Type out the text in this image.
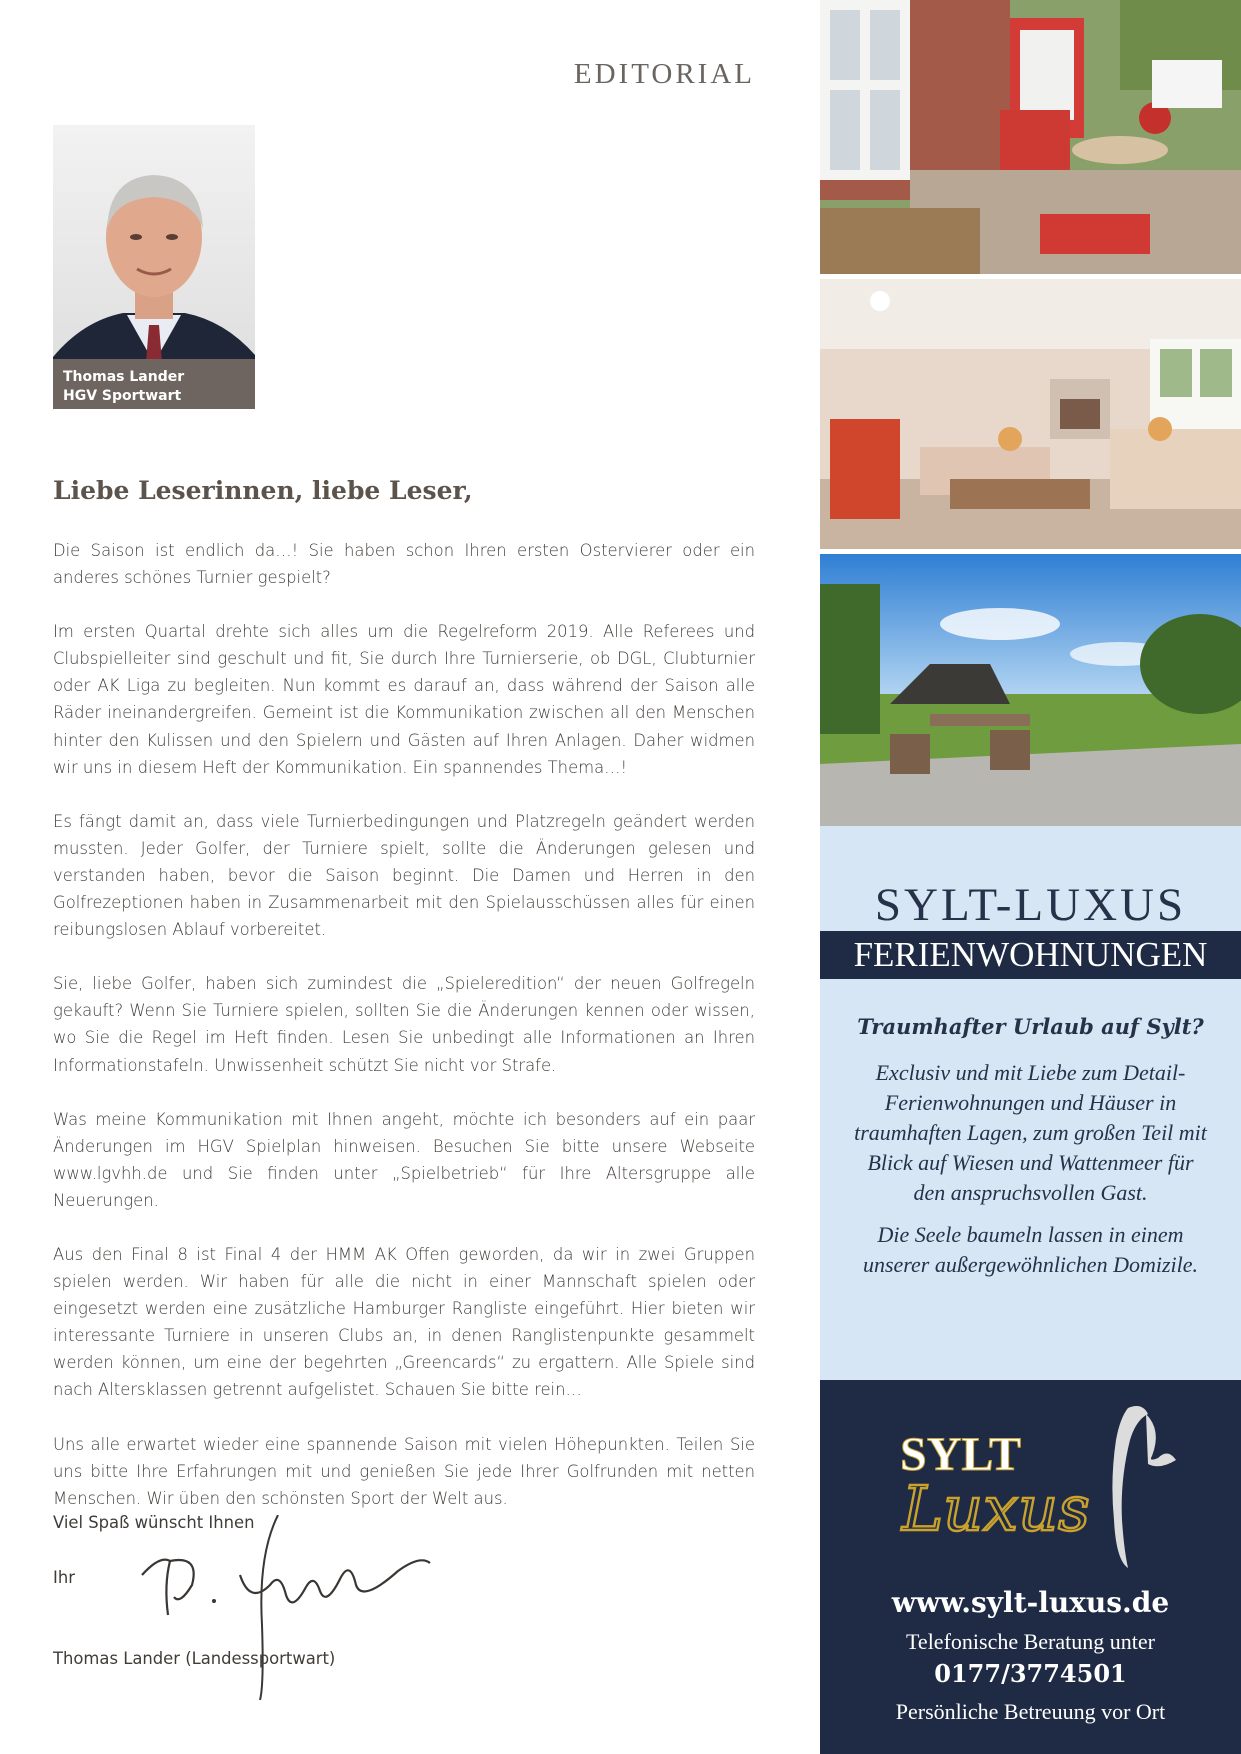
EDITORIAL
Thomas Lander
HGV Sportwart
Liebe Leserinnen, liebe Leser,

Die Saison ist endlich da…! Sie haben schon Ihren ersten Ostervierer oder ein anderes schönes Turnier gespielt?

Im ersten Quartal drehte sich alles um die Regelreform 2019. Alle Referees und Clubspielleiter sind geschult und fit, Sie durch Ihre Turnierserie, ob DGL, Clubturnier oder AK Liga zu begleiten. Nun kommt es darauf an, dass während der Saison alle Räder ineinandergreifen. Gemeint ist die Kommunikation zwischen all den Menschen hinter den Kulissen und den Spielern und Gästen auf Ihren Anlagen. Daher widmen wir uns in diesem Heft der Kommunikation. Ein spannendes Thema…!

Es fängt damit an, dass viele Turnierbedingungen und Platzregeln geändert werden mussten. Jeder Golfer, der Turniere spielt, sollte die Änderungen gelesen und verstanden haben, bevor die Saison beginnt. Die Damen und Herren in den Golfrezeptionen haben in Zusammenarbeit mit den Spielausschüssen alles für einen reibungslosen Ablauf vorbereitet.

Sie, liebe Golfer, haben sich zumindest die „Spieleredition“ der neuen Golfregeln gekauft? Wenn Sie Turniere spielen, sollten Sie die Änderungen kennen oder wissen, wo Sie die Regel im Heft finden. Lesen Sie unbedingt alle Informationen an Ihren Informationstafeln. Unwissenheit schützt Sie nicht vor Strafe.

Was meine Kommunikation mit Ihnen angeht, möchte ich besonders auf ein paar Änderungen im HGV Spielplan hinweisen. Besuchen Sie bitte unsere Webseite www.lgvhh.de und Sie finden unter „Spielbetrieb“ für Ihre Altersgruppe alle Neuerungen.

Aus den Final 8 ist Final 4 der HMM AK Offen geworden, da wir in zwei Gruppen spielen werden. Wir haben für alle die nicht in einer Mannschaft spielen oder eingesetzt werden eine zusätzliche Hamburger Rangliste eingeführt. Hier bieten wir interessante Turniere in unseren Clubs an, in denen Ranglistenpunkte gesammelt werden können, um eine der begehrten „Greencards“ zu ergattern. Alle Spiele sind nach Altersklassen getrennt aufgelistet. Schauen Sie bitte rein…

Uns alle erwartet wieder eine spannende Saison mit vielen Höhepunkten. Teilen Sie uns bitte Ihre Erfahrungen mit und genießen Sie jede Ihrer Golfrunden mit netten Menschen. Wir üben den schönsten Sport der Welt aus.

Viel Spaß wünscht Ihnen
Ihr
Thomas Lander (Landessportwart)
SYLT-LUXUS
FERIENWOHNUNGEN
Traumhafter Urlaub auf Sylt?

Exclusiv und mit Liebe zum Detail-Ferienwohnungen und Häuser in traumhaften Lagen, zum großen Teil mit Blick auf Wiesen und Wattenmeer für den anspruchsvollen Gast.

Die Seele baumeln lassen in einem unserer außergewöhnlichen Domizile.

SYLT
Luxus
www.sylt-luxus.de
Telefonische Beratung unter
0177/3774501
Persönliche Betreuung vor Ort
